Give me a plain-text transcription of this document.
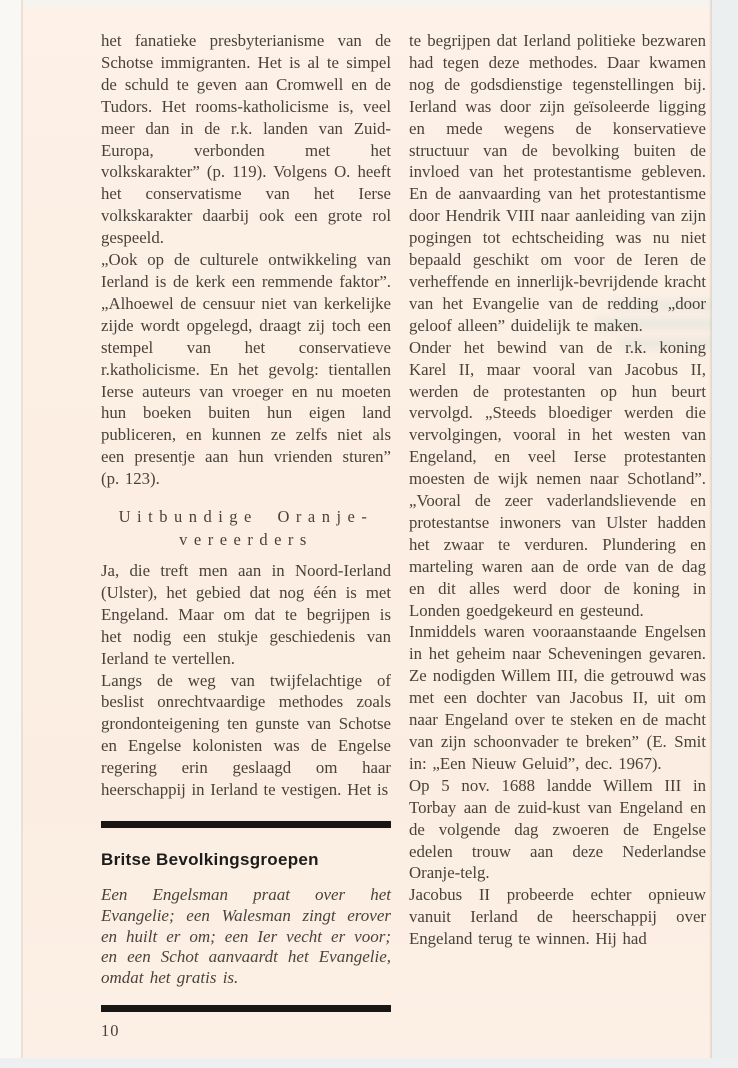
het fanatieke presbyterianisme van de Schotse immigranten. Het is al te simpel de schuld te geven aan Cromwell en de Tudors. Het rooms-katholicisme is, veel meer dan in de r.k. landen van Zuid-Europa, verbonden met het volkskarakter” (p. 119). Volgens O. heeft het conservatisme van het Ierse volkskarakter daarbij ook een grote rol gespeeld.

„Ook op de culturele ontwikkeling van Ierland is de kerk een remmende faktor”. „Alhoewel de censuur niet van kerkelijke zijde wordt opgelegd, draagt zij toch een stempel van het conservatieve r.katholicisme. En het gevolg: tientallen Ierse auteurs van vroeger en nu moeten hun boeken buiten hun eigen land publiceren, en kunnen ze zelfs niet als een presentje aan hun vrienden sturen” (p. 123).

Uitbundige Oranje-
vereerders

Ja, die treft men aan in Noord-Ierland (Ulster), het gebied dat nog één is met Engeland. Maar om dat te begrijpen is het nodig een stukje geschiedenis van Ierland te vertellen.

Langs de weg van twijfelachtige of beslist onrechtvaardige methodes zoals grondonteigening ten gunste van Schotse en Engelse kolonisten was de Engelse regering erin geslaagd om haar heerschappij in Ierland te vestigen. Het is

Britse Bevolkingsgroepen

Een Engelsman praat over het Evangelie; een Walesman zingt erover en huilt er om; een Ier vecht er voor; en een Schot aanvaardt het Evangelie, omdat het gratis is.

10

te begrijpen dat Ierland politieke bezwaren had tegen deze methodes. Daar kwamen nog de godsdienstige tegenstellingen bij. Ierland was door zijn geïsoleerde ligging en mede wegens de konservatieve structuur van de bevolking buiten de invloed van het protestantisme gebleven. En de aanvaarding van het protestantisme door Hendrik VIII naar aanleiding van zijn pogingen tot echtscheiding was nu niet bepaald geschikt om voor de Ieren de verheffende en innerlijk-bevrijdende kracht van het Evangelie van de redding „door geloof alleen” duidelijk te maken.

Onder het bewind van de r.k. koning Karel II, maar vooral van Jacobus II, werden de protestanten op hun beurt vervolgd. „Steeds bloediger werden die vervolgingen, vooral in het westen van Engeland, en veel Ierse protestanten moesten de wijk nemen naar Schotland”. „Vooral de zeer vaderlandslievende en protestantse inwoners van Ulster hadden het zwaar te verduren. Plundering en marteling waren aan de orde van de dag en dit alles werd door de koning in Londen goedgekeurd en gesteund.

Inmiddels waren vooraanstaande Engelsen in het geheim naar Scheveningen gevaren. Ze nodigden Willem III, die getrouwd was met een dochter van Jacobus II, uit om naar Engeland over te steken en de macht van zijn schoonvader te breken” (E. Smit in: „Een Nieuw Geluid”, dec. 1967).

Op 5 nov. 1688 landde Willem III in Torbay aan de zuid-kust van Engeland en de volgende dag zwoeren de Engelse edelen trouw aan deze Nederlandse Oranje-telg.

Jacobus II probeerde echter opnieuw vanuit Ierland de heerschappij over Engeland terug te winnen. Hij had
